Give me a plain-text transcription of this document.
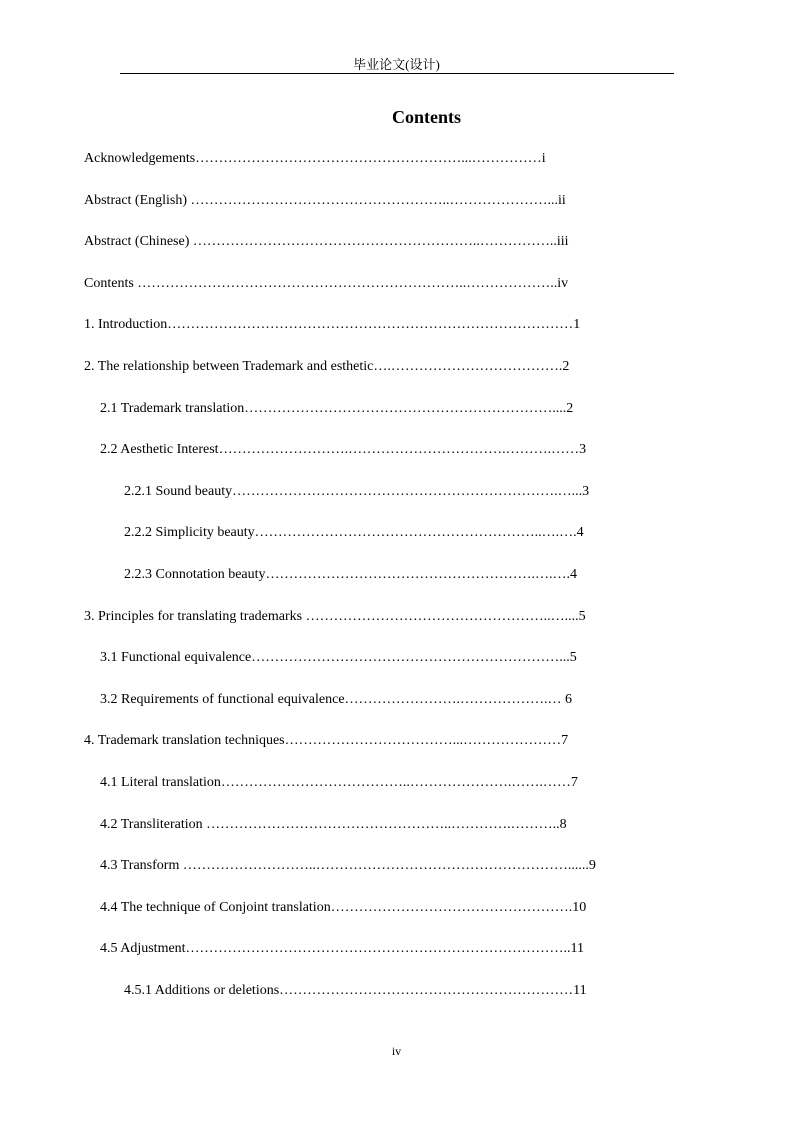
毕业论文(设计)
Contents
Acknowledgements…………………………………………………...……………i
Abstract (English) ………………………………………………..…………………...ii
Abstract (Chinese) ……………………………………………………..……………..iii
Contents ……………………………………………………………..………………..iv
1. Introduction……………………………………………………………………………1
2. The relationship between Trademark and esthetic….……………………………….2
2.1 Trademark translation…………………………………………………………....2
2.2 Aesthetic Interest……………………….…………………………….……….……3
2.2.1 Sound beauty…………………………………………………………….…...3
2.2.2 Simplicity beauty……………………………………………………..….….4
2.2.3 Connotation beauty………………………………………………….….….4
3. Principles for translating trademarks ……………………………………………..…....5
3.1 Functional equivalence…………………………………………………………...5
3.2 Requirements of functional equivalence…………………….……………….… 6
4. Trademark translation techniques………………………………...…………………7
4.1 Literal translation…………………………………..………………….…….……7
4.2 Transliteration ……………………………………………..………….………..8
4.3 Transform ………………………..………………………………………………......9
4.4 The technique of Conjoint translation…………………………………………….10
4.5 Adjustment………………………………………………………………………..11
4.5.1 Additions or deletions………………………………………………………11
iv
